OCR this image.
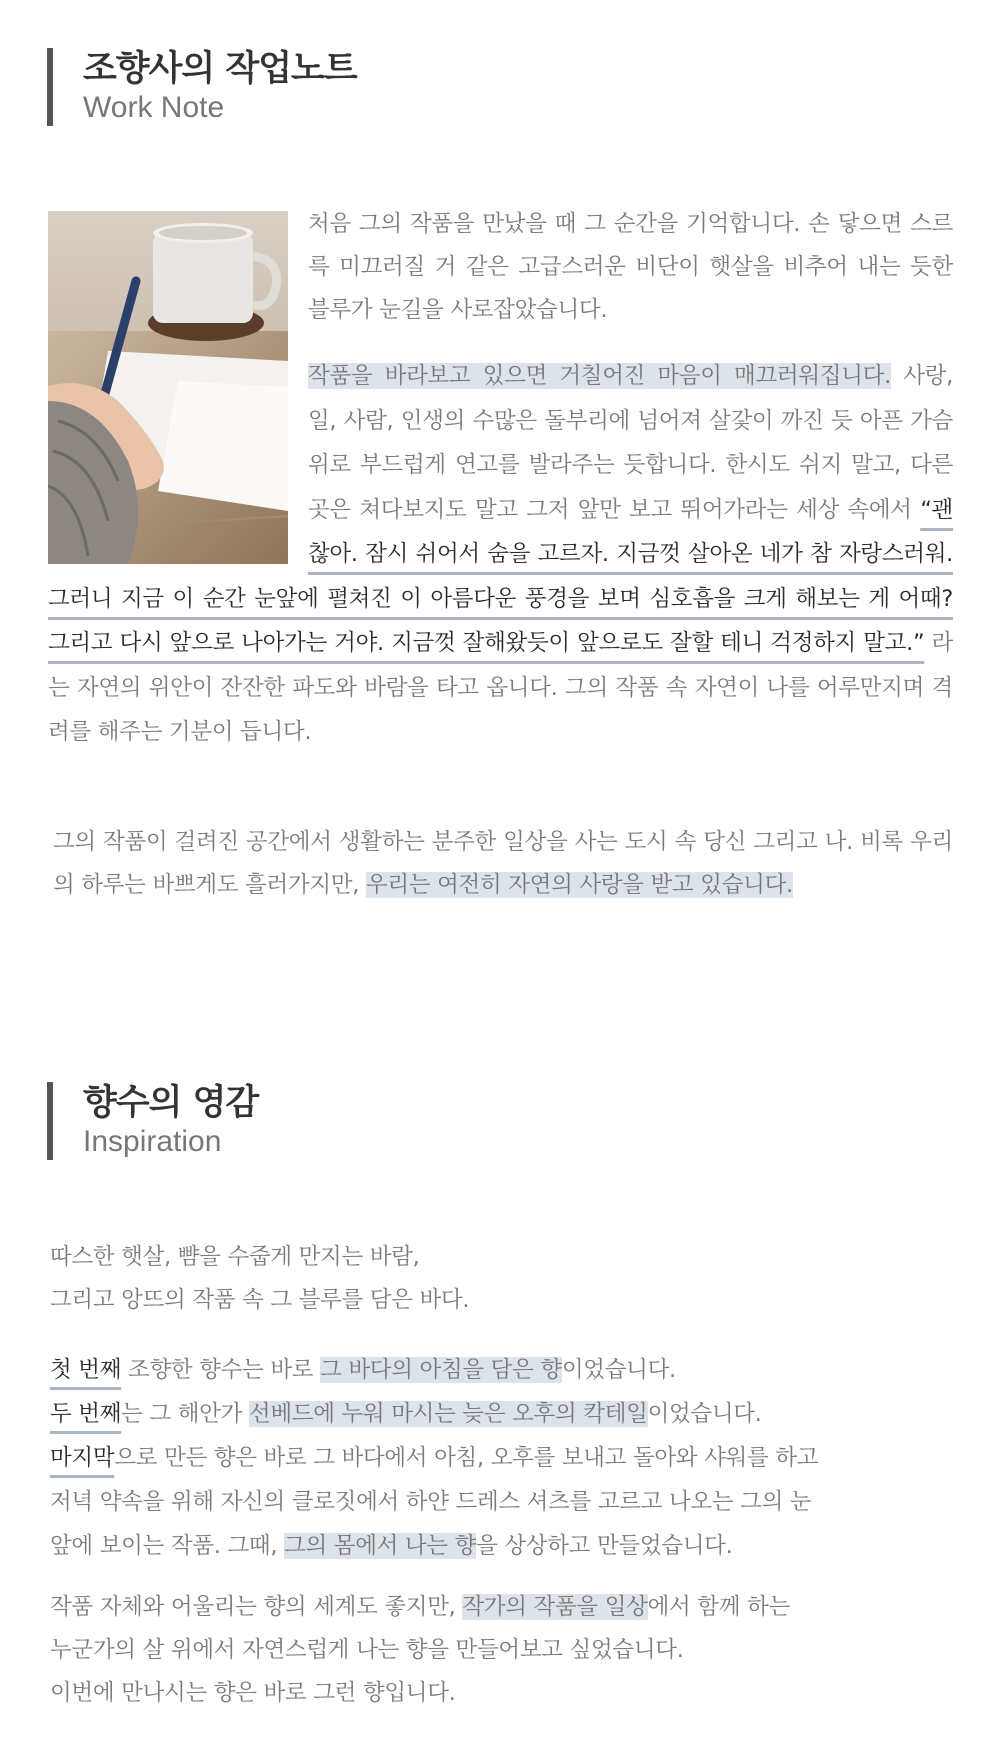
조향사의 작업노트
Work Note
처음 그의 작품을 만났을 때 그 순간을 기억합니다. 손 닿으면 스르륵 미끄러질 거 같은 고급스러운 비단이 햇살을 비추어 내는 듯한 블루가 눈길을 사로잡았습니다.
작품을 바라보고 있으면 거칠어진 마음이 매끄러워집니다. 사랑, 일, 사람, 인생의 수많은 돌부리에 넘어져 살갗이 까진 듯 아픈 가슴 위로 부드럽게 연고를 발라주는 듯합니다. 한시도 쉬지 말고, 다른 곳은 쳐다보지도 말고 그저 앞만 보고 뛰어가라는 세상 속에서 “괜찮아. 잠시 쉬어서 숨을 고르자. 지금껏 살아온 네가 참 자랑스러워. 그러니 지금 이 순간 눈앞에 펼쳐진 이 아름다운 풍경을 보며 심호흡을 크게 해보는 게 어때? 그리고 다시 앞으로 나아가는 거야. 지금껏 잘해왔듯이 앞으로도 잘할 테니 걱정하지 말고.” 라는 자연의 위안이 잔잔한 파도와 바람을 타고 옵니다. 그의 작품 속 자연이 나를 어루만지며 격려를 해주는 기분이 듭니다.
그의 작품이 걸려진 공간에서 생활하는 분주한 일상을 사는 도시 속 당신 그리고 나. 비록 우리의 하루는 바쁘게도 흘러가지만, 우리는 여전히 자연의 사랑을 받고 있습니다.
향수의 영감
Inspiration
따스한 햇살, 뺨을 수줍게 만지는 바람,
그리고 앙뜨의 작품 속 그 블루를 담은 바다.
첫 번째 조향한 향수는 바로 그 바다의 아침을 담은 향이었습니다.
두 번째는 그 해안가 선베드에 누워 마시는 늦은 오후의 칵테일이었습니다.
마지막으로 만든 향은 바로 그 바다에서 아침, 오후를 보내고 돌아와 샤워를 하고
저녁 약속을 위해 자신의 클로짓에서 하얀 드레스 셔츠를 고르고 나오는 그의 눈
앞에 보이는 작품. 그때, 그의 몸에서 나는 향을 상상하고 만들었습니다.
작품 자체와 어울리는 향의 세계도 좋지만, 작가의 작품을 일상에서 함께 하는
누군가의 살 위에서 자연스럽게 나는 향을 만들어보고 싶었습니다.
이번에 만나시는 향은 바로 그런 향입니다.
